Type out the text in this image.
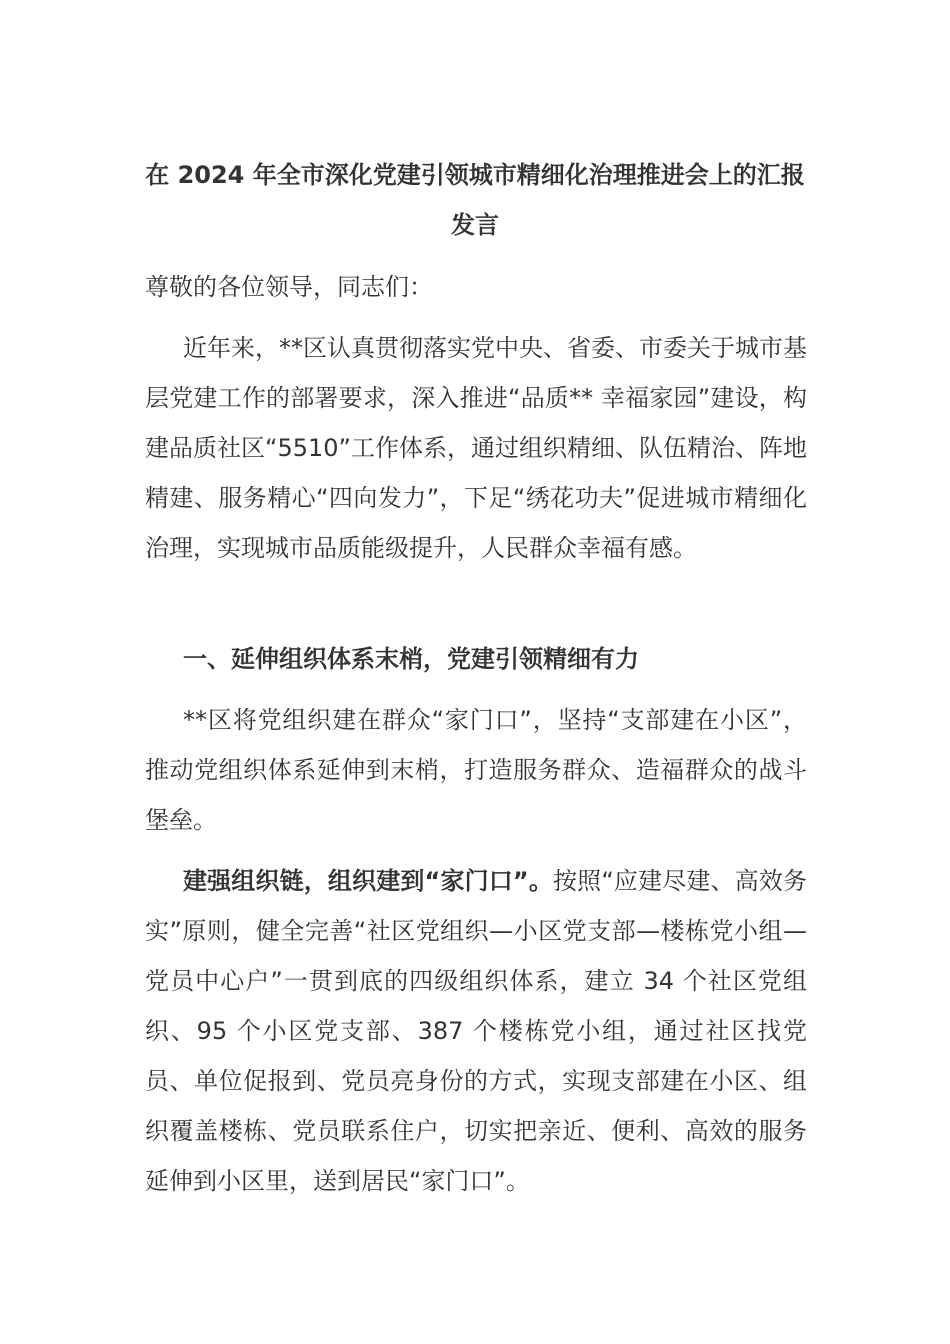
在 2024 年全市深化党建引领城市精细化治理推进会上的汇报发言
尊敬的各位领导，同志们：
近年来，**区认真贯彻落实党中央、省委、市委关于城市基层党建工作的部署要求，深入推进“品质** 幸福家园”建设，构建品质社区“5510”工作体系，通过组织精细、队伍精治、阵地精建、服务精心“四向发力”，下足“绣花功夫”促进城市精细化治理，实现城市品质能级提升，人民群众幸福有感。
一、延伸组织体系末梢，党建引领精细有力
**区将党组织建在群众“家门口”，坚持“支部建在小区”，推动党组织体系延伸到末梢，打造服务群众、造福群众的战斗堡垒。
建强组织链，组织建到“家门口”。按照“应建尽建、高效务实”原则，健全完善“社区党组织—小区党支部—楼栋党小组—党员中心户”一贯到底的四级组织体系，建立 34 个社区党组织、95 个小区党支部、387 个楼栋党小组，通过社区找党员、单位促报到、党员亮身份的方式，实现支部建在小区、组织覆盖楼栋、党员联系住户，切实把亲近、便利、高效的服务延伸到小区里，送到居民“家门口”。
